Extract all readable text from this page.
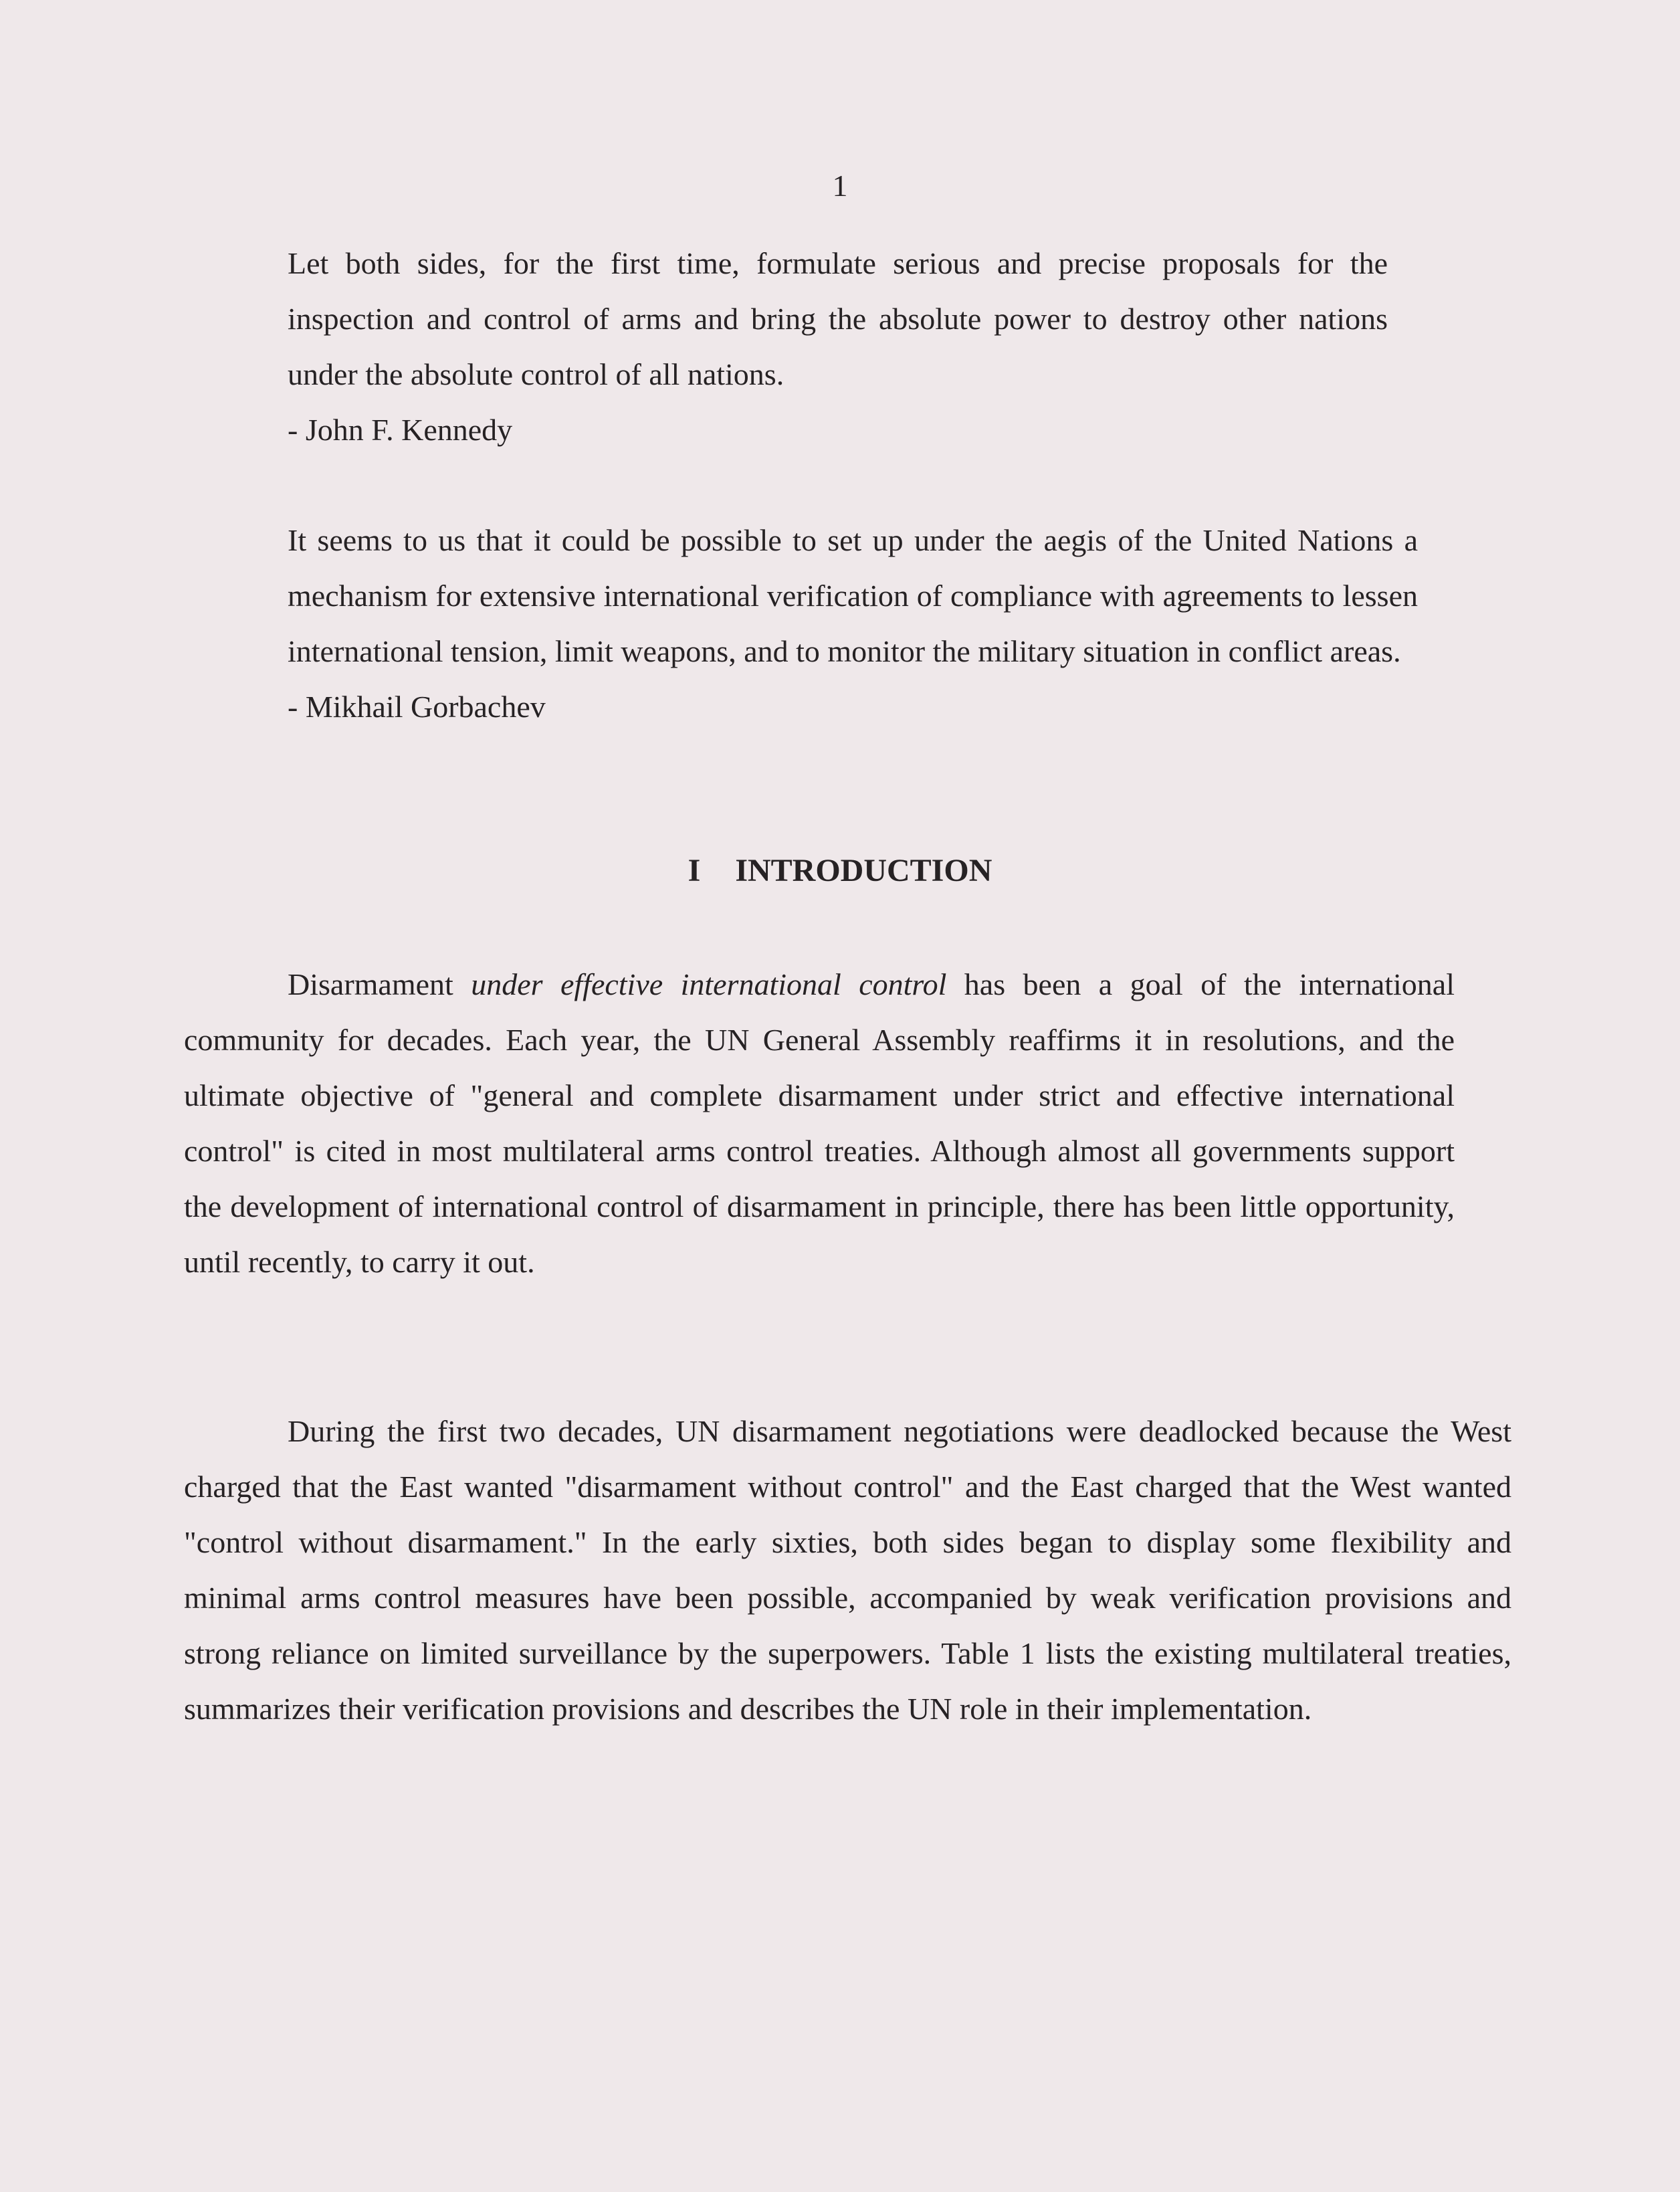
1

Let both sides, for the first time, formulate serious and precise proposals for the inspection and control of arms and bring the absolute power to destroy other nations under the absolute control of all nations.

- John F. Kennedy

It seems to us that it could be possible to set up under the aegis of the United Nations a mechanism for extensive international verification of compliance with agreements to lessen international tension, limit weapons, and to monitor the military situation in conflict areas.

- Mikhail Gorbachev

I INTRODUCTION

Disarmament under effective international control has been a goal of the international community for decades. Each year, the UN General Assembly reaffirms it in resolutions, and the ultimate objective of "general and complete disarmament under strict and effective international control" is cited in most multilateral arms control treaties. Although almost all governments support the development of international control of disarmament in principle, there has been little opportunity, until recently, to carry it out.

During the first two decades, UN disarmament negotiations were deadlocked because the West charged that the East wanted "disarmament without control" and the East charged that the West wanted "control without disarmament." In the early sixties, both sides began to display some flexibility and minimal arms control measures have been possible, accompanied by weak verification provisions and strong reliance on limited surveillance by the superpowers. Table 1 lists the existing multilateral treaties, summarizes their verification provisions and describes the UN role in their implementation.
